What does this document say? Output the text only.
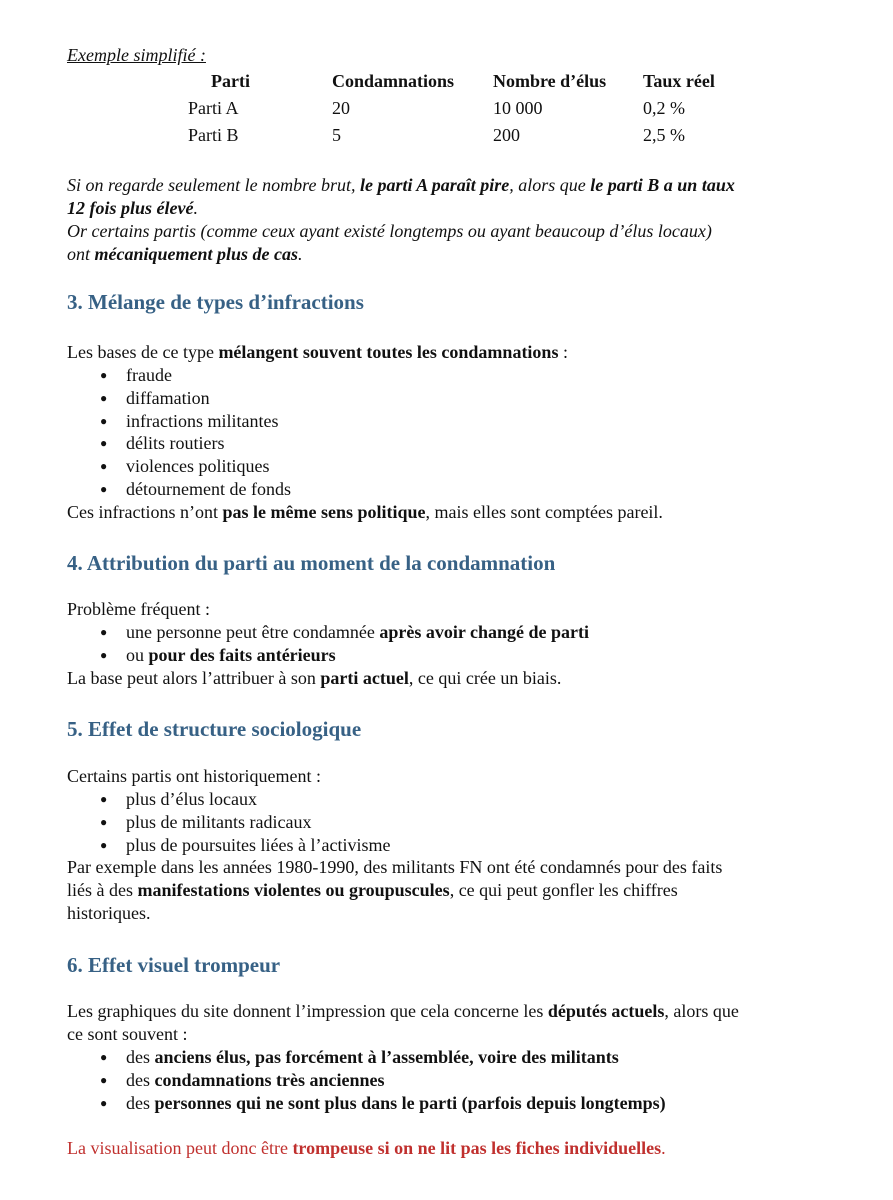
Exemple simplifié :
Parti	Condamnations	Nombre d’élus	Taux réel
Parti A	20	10 000	0,2 %
Parti B	5	200	2,5 %
Si on regarde seulement le nombre brut, le parti A paraît pire, alors que le parti B a un taux
12 fois plus élevé.
Or certains partis (comme ceux ayant existé longtemps ou ayant beaucoup d’élus locaux)
ont mécaniquement plus de cas.
3. Mélange de types d’infractions
Les bases de ce type mélangent souvent toutes les condamnations :
● fraude
● diffamation
● infractions militantes
● délits routiers
● violences politiques
● détournement de fonds
Ces infractions n’ont pas le même sens politique, mais elles sont comptées pareil.
4. Attribution du parti au moment de la condamnation
Problème fréquent :
● une personne peut être condamnée après avoir changé de parti
● ou pour des faits antérieurs
La base peut alors l’attribuer à son parti actuel, ce qui crée un biais.
5. Effet de structure sociologique
Certains partis ont historiquement :
● plus d’élus locaux
● plus de militants radicaux
● plus de poursuites liées à l’activisme
Par exemple dans les années 1980-1990, des militants FN ont été condamnés pour des faits
liés à des manifestations violentes ou groupuscules, ce qui peut gonfler les chiffres
historiques.
6. Effet visuel trompeur
Les graphiques du site donnent l’impression que cela concerne les députés actuels, alors que
ce sont souvent :
● des anciens élus, pas forcément à l’assemblée, voire des militants
● des condamnations très anciennes
● des personnes qui ne sont plus dans le parti (parfois depuis longtemps)
La visualisation peut donc être trompeuse si on ne lit pas les fiches individuelles.
